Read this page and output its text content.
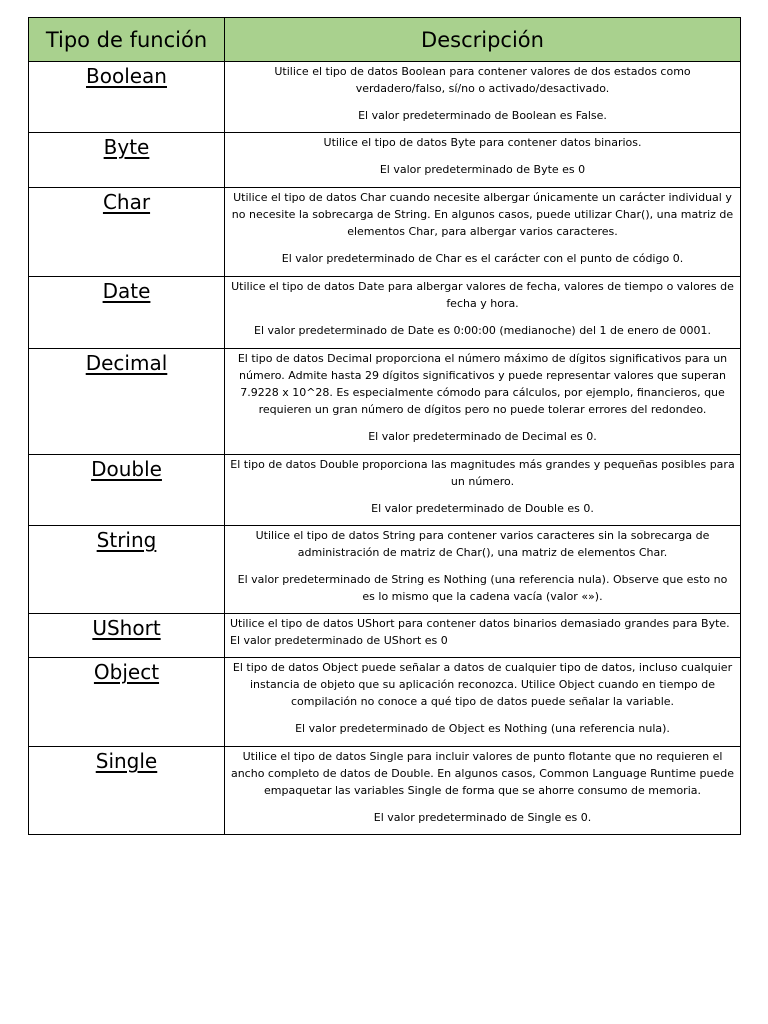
Tipo de función	Descripción
Boolean	Utilice el tipo de datos Boolean para contener valores de dos estados como verdadero/falso, sí/no o activado/desactivado.

El valor predeterminado de Boolean es False.

Byte	Utilice el tipo de datos Byte para contener datos binarios.

El valor predeterminado de Byte es 0

Char	Utilice el tipo de datos Char cuando necesite albergar únicamente un carácter individual y no necesite la sobrecarga de String. En algunos casos, puede utilizar Char(), una matriz de elementos Char, para albergar varios caracteres.

El valor predeterminado de Char es el carácter con el punto de código 0.

Date	Utilice el tipo de datos Date para albergar valores de fecha, valores de tiempo o valores de fecha y hora.

El valor predeterminado de Date es 0:00:00 (medianoche) del 1 de enero de 0001.

Decimal	El tipo de datos Decimal proporciona el número máximo de dígitos significativos para un número. Admite hasta 29 dígitos significativos y puede representar valores que superan 7.9228 x 10^28. Es especialmente cómodo para cálculos, por ejemplo, financieros, que requieren un gran número de dígitos pero no puede tolerar errores del redondeo.

El valor predeterminado de Decimal es 0.

Double	El tipo de datos Double proporciona las magnitudes más grandes y pequeñas posibles para un número.

El valor predeterminado de Double es 0.

String	Utilice el tipo de datos String para contener varios caracteres sin la sobrecarga de administración de matriz de Char(), una matriz de elementos Char.

El valor predeterminado de String es Nothing (una referencia nula). Observe que esto no es lo mismo que la cadena vacía (valor «»).

UShort	Utilice el tipo de datos UShort para contener datos binarios demasiado grandes para Byte. El valor predeterminado de UShort es 0

Object	El tipo de datos Object puede señalar a datos de cualquier tipo de datos, incluso cualquier instancia de objeto que su aplicación reconozca. Utilice Object cuando en tiempo de compilación no conoce a qué tipo de datos puede señalar la variable.

El valor predeterminado de Object es Nothing (una referencia nula).

Single	Utilice el tipo de datos Single para incluir valores de punto flotante que no requieren el ancho completo de datos de Double. En algunos casos, Common Language Runtime puede empaquetar las variables Single de forma que se ahorre consumo de memoria.

El valor predeterminado de Single es 0.
